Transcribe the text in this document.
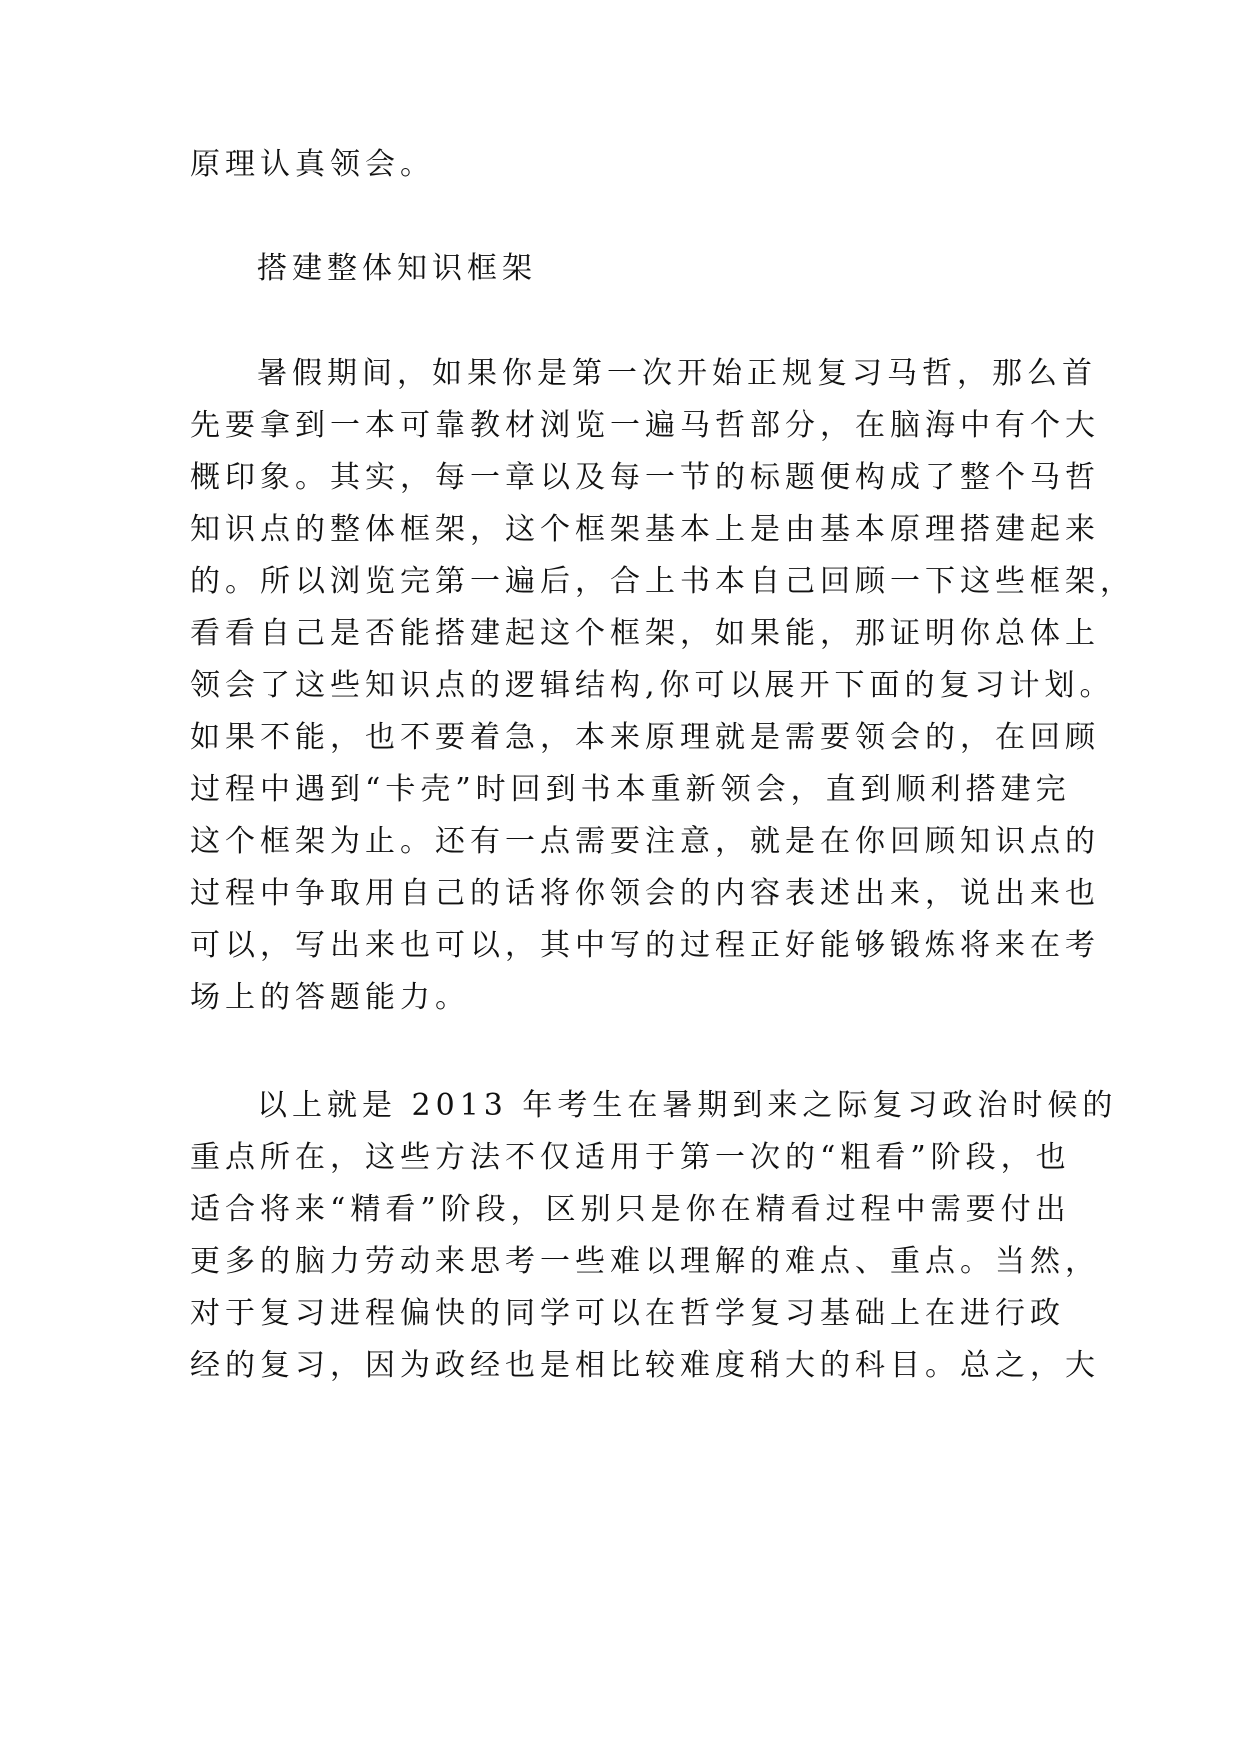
原理认真领会。
搭建整体知识框架
暑假期间，如果你是第一次开始正规复习马哲，那么首
先要拿到一本可靠教材浏览一遍马哲部分，在脑海中有个大
概印象。其实，每一章以及每一节的标题便构成了整个马哲
知识点的整体框架，这个框架基本上是由基本原理搭建起来
的。所以浏览完第一遍后，合上书本自己回顾一下这些框架，
看看自己是否能搭建起这个框架，如果能，那证明你总体上
领会了这些知识点的逻辑结构,你可以展开下面的复习计划。
如果不能，也不要着急，本来原理就是需要领会的，在回顾
过程中遇到“卡壳”时回到书本重新领会，直到顺利搭建完
这个框架为止。还有一点需要注意，就是在你回顾知识点的
过程中争取用自己的话将你领会的内容表述出来，说出来也
可以，写出来也可以，其中写的过程正好能够锻炼将来在考
场上的答题能力。
以上就是 2013 年考生在暑期到来之际复习政治时候的
重点所在，这些方法不仅适用于第一次的“粗看”阶段，也
适合将来“精看”阶段，区别只是你在精看过程中需要付出
更多的脑力劳动来思考一些难以理解的难点、重点。当然，
对于复习进程偏快的同学可以在哲学复习基础上在进行政
经的复习，因为政经也是相比较难度稍大的科目。总之，大
